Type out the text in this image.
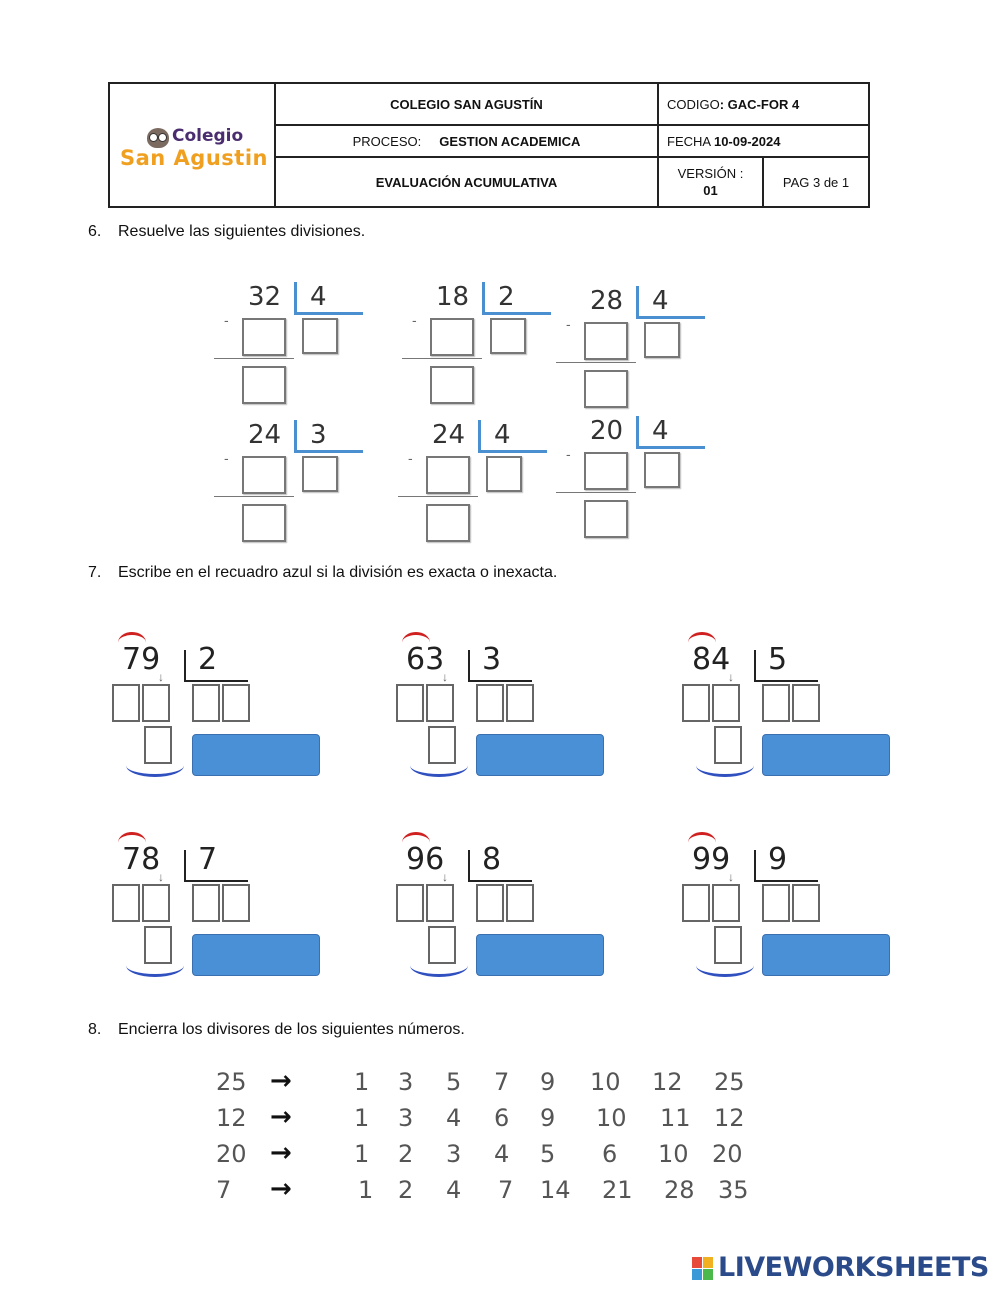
	COLEGIO SAN AGUSTÍN	CODIGO: GAC-FOR 4	
	PROCESO: GESTION ACADEMICA	FECHA 10-09-2024	
	EVALUACIÓN ACUMULATIVA	VERSIÓN :
01	PAG 3 de 1
Colegio
San Agustin
6. Resuelve las siguientes divisiones.
32 4
-
18 2
-
28 4
-
24 3
-
24 4
-
20 4
-
7. Escribe en el recuadro azul si la división es exacta o inexacta.
79 2
↓	63 3
↓	84 5
↓
78 7
↓	96 8
↓	99 9
↓
8. Encierra los divisores de los siguientes números.
25 →	1 3 5 7 9 10 12 25
12 →	1 3 4 6 9 10 11 12
20 →	1 2 3 4 5 6 10 20
7 →	1 2 4 7 14 21 28 35
LIVEWORKSHEETS
